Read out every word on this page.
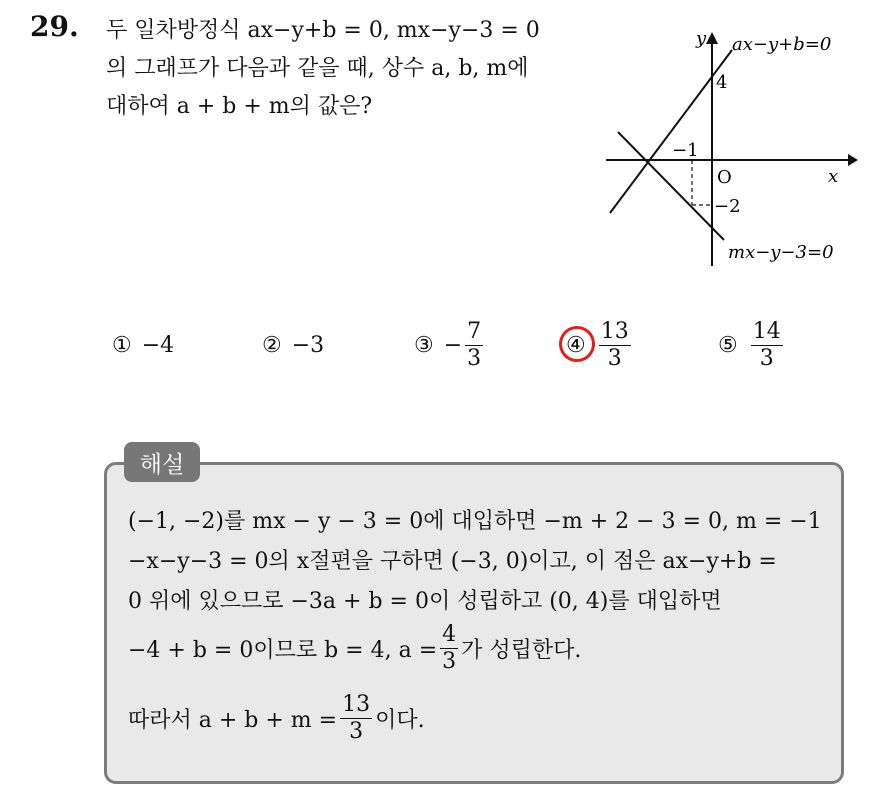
29. 두 일차방정식 ax−y+b = 0, mx−y−3 = 0
의 그래프가 다음과 같을 때, 상수 a, b, m에
대하여 a + b + m의 값은?
y
x
O
ax−y+b=0
mx−y−3=0
4
−1
−2
① −4	② −3	③ − $\frac{7}{3}$	④ $\frac{13}{3}$	⑤ $\frac{14}{3}$
해설
(−1, −2)를 mx − y − 3 = 0에 대입하면 −m + 2 − 3 = 0, m = −1
−x−y−3 = 0의 x절편을 구하면 (−3, 0)이고, 이 점은 ax−y+b =
0 위에 있으므로 −3a + b = 0이 성립하고 (0, 4)를 대입하면
−4 + b = 0이므로 b = 4, $a = \frac{4}{3}$ 가 성립한다.
따라서 $a + b + m = \frac{13}{3}$ 이다.
